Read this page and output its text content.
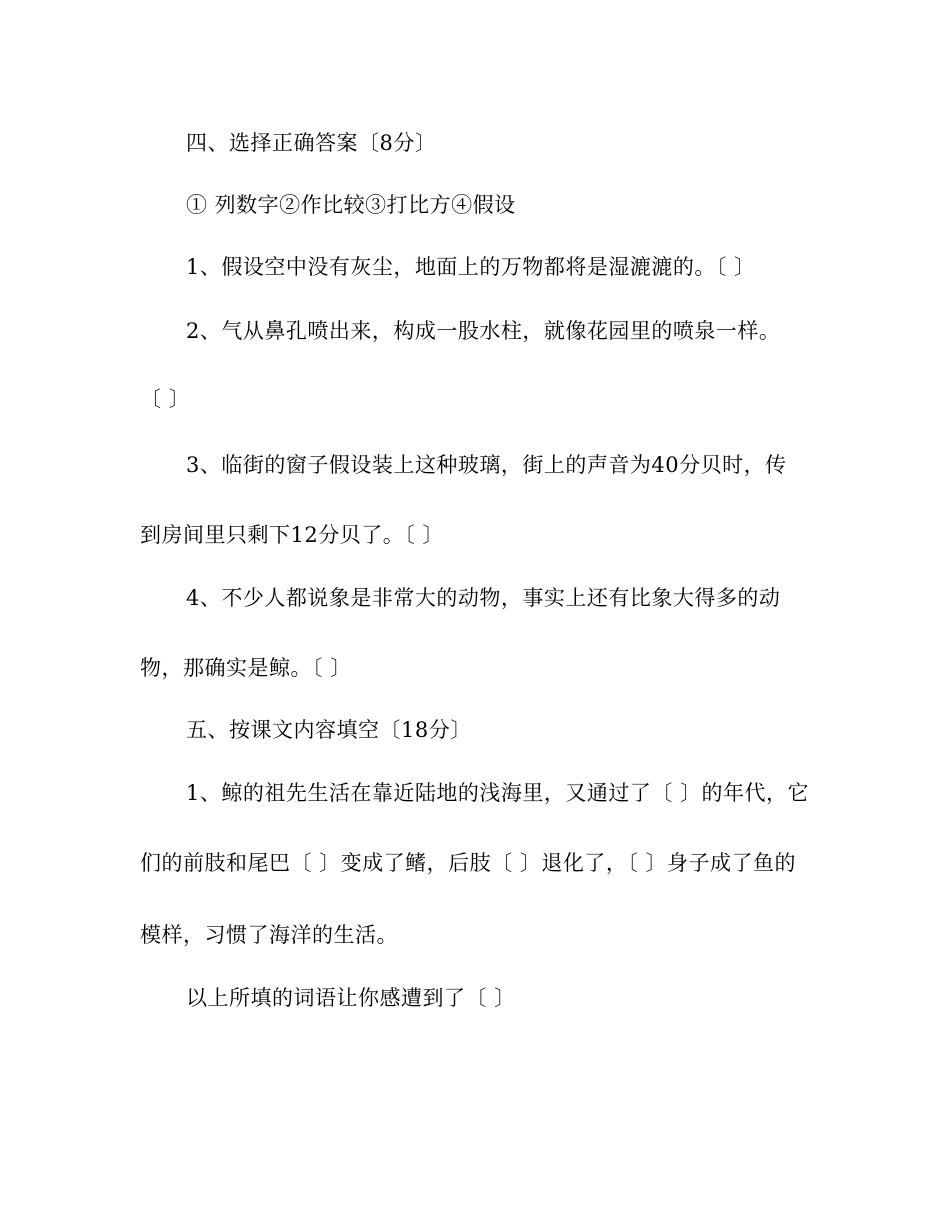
四、选择正确答案〔8分〕
① 列数字②作比较③打比方④假设
1、假设空中没有灰尘，地面上的万物都将是湿漉漉的。〔 〕
2、气从鼻孔喷出来，构成一股水柱，就像花园里的喷泉一样。
〔 〕
3、临街的窗子假设装上这种玻璃，街上的声音为40分贝时，传
到房间里只剩下12分贝了。〔 〕
4、不少人都说象是非常大的动物，事实上还有比象大得多的动
物，那确实是鲸。〔 〕
五、按课文内容填空〔18分〕
1、鲸的祖先生活在靠近陆地的浅海里，又通过了〔 〕的年代，它
们的前肢和尾巴〔 〕变成了鳍，后肢〔 〕退化了，〔 〕身子成了鱼的
模样，习惯了海洋的生活。
以上所填的词语让你感遭到了〔 〕
